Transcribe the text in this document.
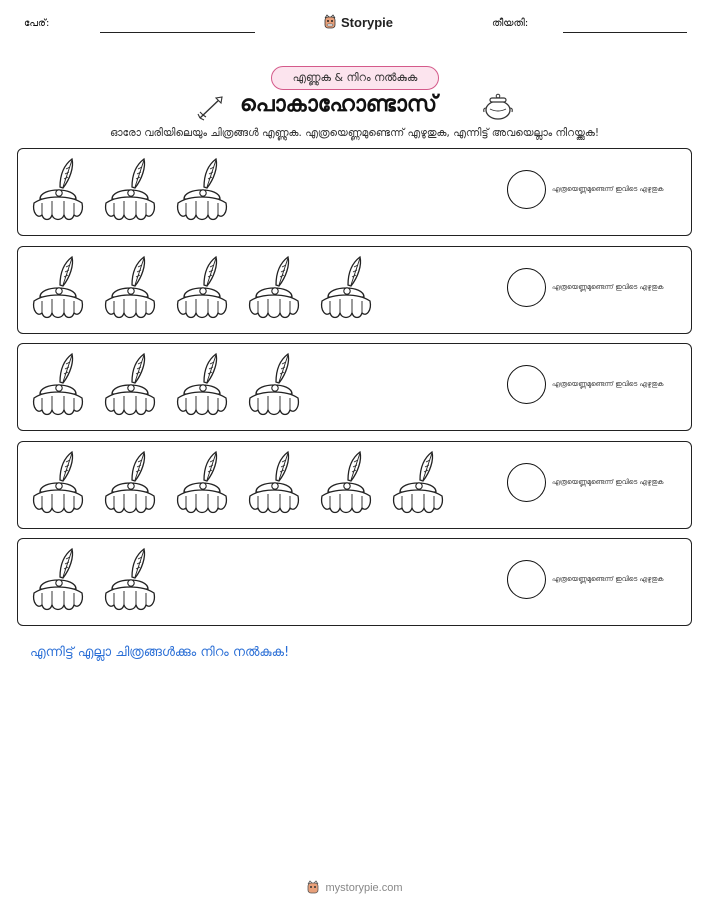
പേര്:	Storypie	തീയതി:
എണ്ണുക & നിറം നൽകുക
പൊകാഹോണ്ടാസ്
ഓരോ വരിയിലെയും ചിത്രങ്ങൾ എണ്ണുക. എത്രയെണ്ണമുണ്ടെന്ന് എഴുതുക, എന്നിട്ട് അവയെല്ലാം നിറയ്ക്കുക!
എത്രയെണ്ണമുണ്ടെന്ന് ഇവിടെ എഴുതുക
എത്രയെണ്ണമുണ്ടെന്ന് ഇവിടെ എഴുതുക
എത്രയെണ്ണമുണ്ടെന്ന് ഇവിടെ എഴുതുക
എത്രയെണ്ണമുണ്ടെന്ന് ഇവിടെ എഴുതുക
എത്രയെണ്ണമുണ്ടെന്ന് ഇവിടെ എഴുതുക
എന്നിട്ട് എല്ലാ ചിത്രങ്ങൾക്കും നിറം നൽകുക!
mystorypie.com
